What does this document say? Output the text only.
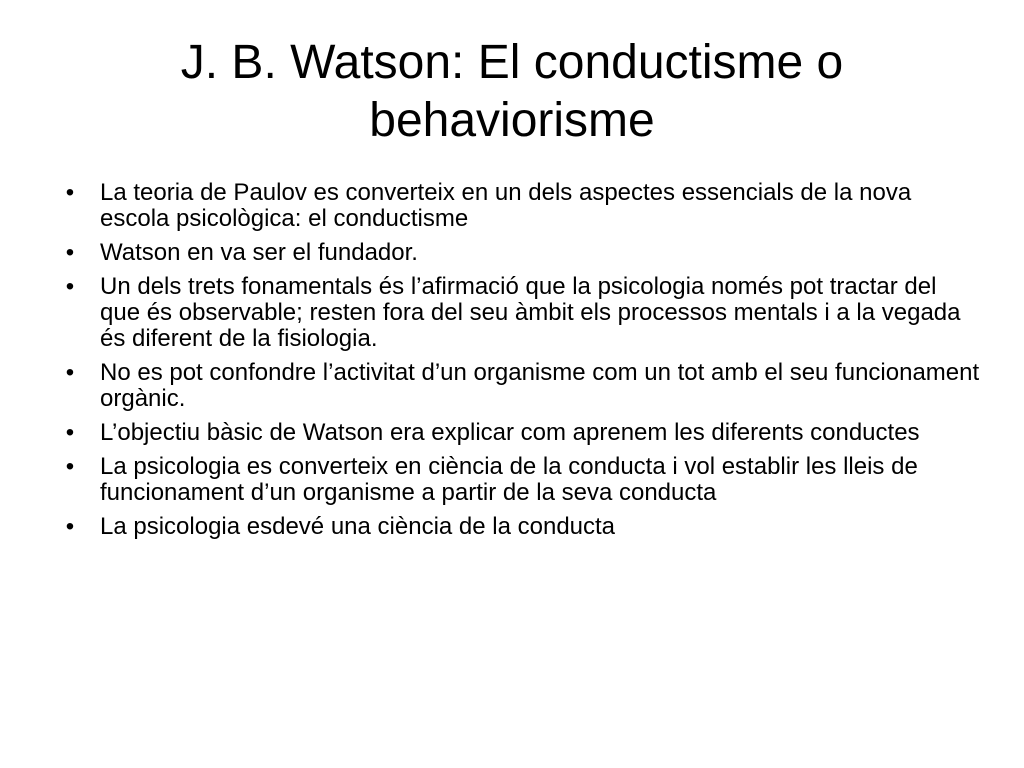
J. B. Watson: El conductisme o behaviorisme
• La teoria de Paulov es converteix en un dels aspectes essencials de la nova escola psicològica: el conductisme
• Watson en va ser el fundador.
• Un dels trets fonamentals és l’afirmació que la psicologia només pot tractar del que és observable; resten fora del seu àmbit els processos mentals i a la vegada és diferent de la fisiologia.
• No es pot confondre l’activitat d’un organisme com un tot amb el seu funcionament orgànic.
• L’objectiu bàsic de Watson era explicar com aprenem les diferents conductes
• La psicologia es converteix en ciència de la conducta i vol establir les lleis de funcionament d’un organisme a partir de la seva conducta
• La psicologia esdevé una ciència de la conducta
